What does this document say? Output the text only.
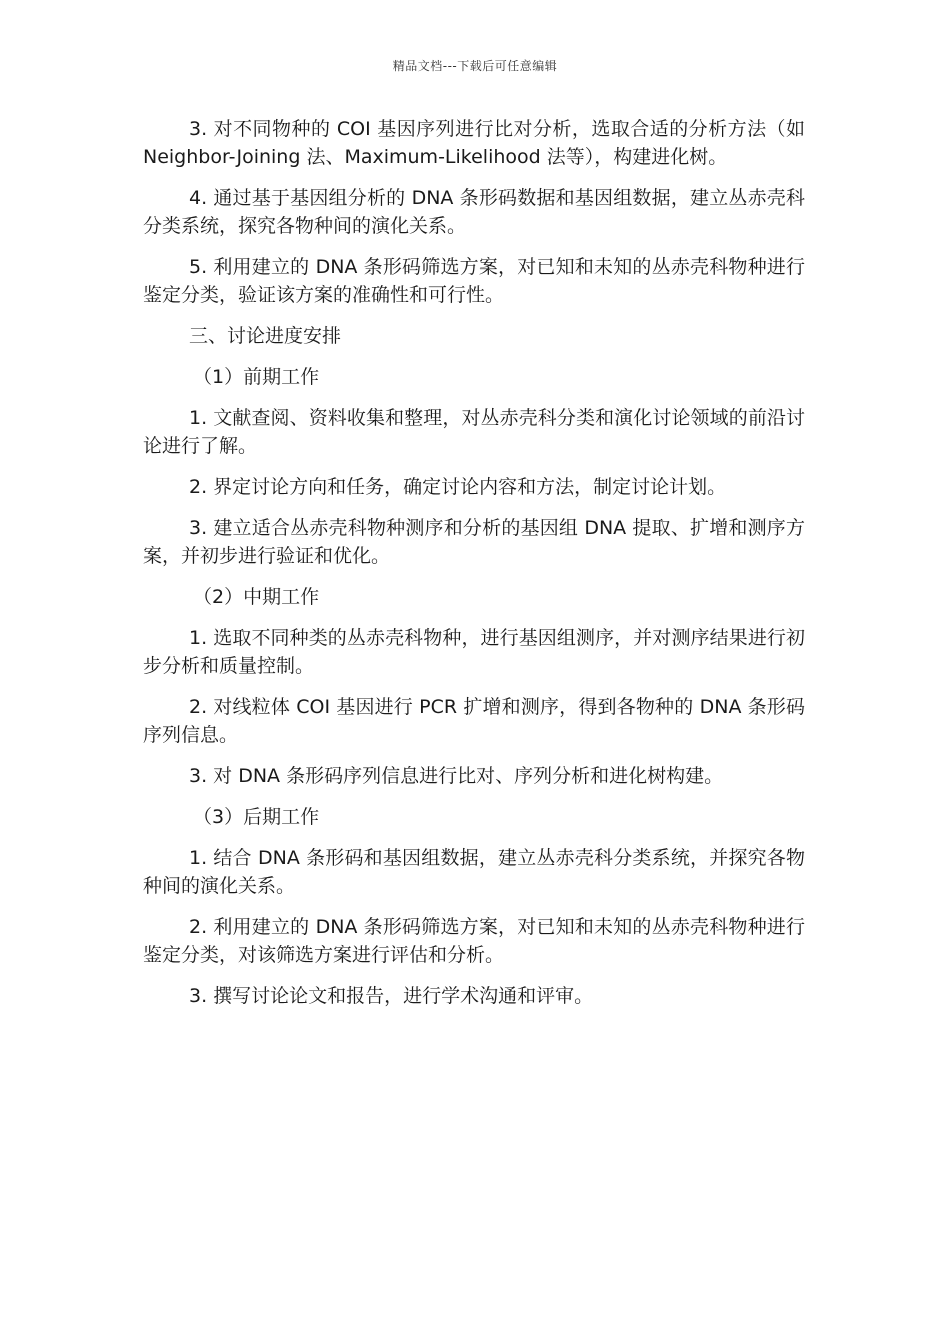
精品文档---下载后可任意编辑

3. 对不同物种的 COI 基因序列进行比对分析，选取合适的分析方法（如 Neighbor-Joining 法、Maximum-Likelihood 法等），构建进化树。

4. 通过基于基因组分析的 DNA 条形码数据和基因组数据，建立丛赤壳科分类系统，探究各物种间的演化关系。

5. 利用建立的 DNA 条形码筛选方案，对已知和未知的丛赤壳科物种进行鉴定分类，验证该方案的准确性和可行性。

三、讨论进度安排

（1）前期工作

1. 文献查阅、资料收集和整理，对丛赤壳科分类和演化讨论领域的前沿讨论进行了解。

2. 界定讨论方向和任务，确定讨论内容和方法，制定讨论计划。

3. 建立适合丛赤壳科物种测序和分析的基因组 DNA 提取、扩增和测序方案，并初步进行验证和优化。

（2）中期工作

1. 选取不同种类的丛赤壳科物种，进行基因组测序，并对测序结果进行初步分析和质量控制。

2. 对线粒体 COI 基因进行 PCR 扩增和测序，得到各物种的 DNA 条形码序列信息。

3. 对 DNA 条形码序列信息进行比对、序列分析和进化树构建。

（3）后期工作

1. 结合 DNA 条形码和基因组数据，建立丛赤壳科分类系统，并探究各物种间的演化关系。

2. 利用建立的 DNA 条形码筛选方案，对已知和未知的丛赤壳科物种进行鉴定分类，对该筛选方案进行评估和分析。

3. 撰写讨论论文和报告，进行学术沟通和评审。
